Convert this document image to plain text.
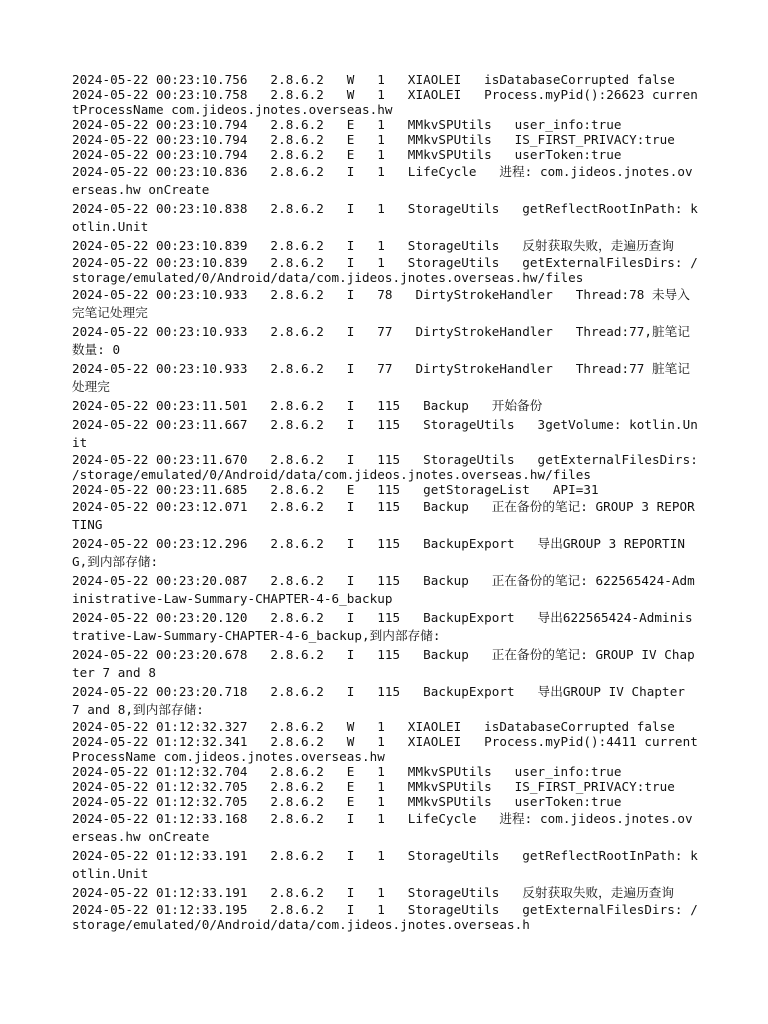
2024-05-22 00:23:10.756   2.8.6.2   W   1   XIAOLEI   isDatabaseCorrupted false

2024-05-22 00:23:10.758   2.8.6.2   W   1   XIAOLEI   Process.myPid():26623 currentProcessName com.jideos.jnotes.overseas.hw

2024-05-22 00:23:10.794   2.8.6.2   E   1   MMkvSPUtils   user_info:true

2024-05-22 00:23:10.794   2.8.6.2   E   1   MMkvSPUtils   IS_FIRST_PRIVACY:true

2024-05-22 00:23:10.794   2.8.6.2   E   1   MMkvSPUtils   userToken:true

2024-05-22 00:23:10.836   2.8.6.2   I   1   LifeCycle   进程: com.jideos.jnotes.overseas.hw onCreate

2024-05-22 00:23:10.838   2.8.6.2   I   1   StorageUtils   getReflectRootInPath: kotlin.Unit

2024-05-22 00:23:10.839   2.8.6.2   I   1   StorageUtils   反射获取失败，走遍历查询

2024-05-22 00:23:10.839   2.8.6.2   I   1   StorageUtils   getExternalFilesDirs: /storage/emulated/0/Android/data/com.jideos.jnotes.overseas.hw/files

2024-05-22 00:23:10.933   2.8.6.2   I   78   DirtyStrokeHandler   Thread:78 未导入完笔记处理完

2024-05-22 00:23:10.933   2.8.6.2   I   77   DirtyStrokeHandler   Thread:77,脏笔记数量: 0

2024-05-22 00:23:10.933   2.8.6.2   I   77   DirtyStrokeHandler   Thread:77 脏笔记处理完

2024-05-22 00:23:11.501   2.8.6.2   I   115   Backup   开始备份

2024-05-22 00:23:11.667   2.8.6.2   I   115   StorageUtils   3getVolume: kotlin.Unit

2024-05-22 00:23:11.670   2.8.6.2   I   115   StorageUtils   getExternalFilesDirs: /storage/emulated/0/Android/data/com.jideos.jnotes.overseas.hw/files

2024-05-22 00:23:11.685   2.8.6.2   E   115   getStorageList   API=31

2024-05-22 00:23:12.071   2.8.6.2   I   115   Backup   正在备份的笔记: GROUP 3 REPORTING

2024-05-22 00:23:12.296   2.8.6.2   I   115   BackupExport   导出GROUP 3 REPORTING,到内部存储:

2024-05-22 00:23:20.087   2.8.6.2   I   115   Backup   正在备份的笔记: 622565424-Administrative-Law-Summary-CHAPTER-4-6_backup

2024-05-22 00:23:20.120   2.8.6.2   I   115   BackupExport   导出622565424-Administrative-Law-Summary-CHAPTER-4-6_backup,到内部存储:

2024-05-22 00:23:20.678   2.8.6.2   I   115   Backup   正在备份的笔记: GROUP IV Chapter 7 and 8

2024-05-22 00:23:20.718   2.8.6.2   I   115   BackupExport   导出GROUP IV Chapter 7 and 8,到内部存储:

2024-05-22 01:12:32.327   2.8.6.2   W   1   XIAOLEI   isDatabaseCorrupted false

2024-05-22 01:12:32.341   2.8.6.2   W   1   XIAOLEI   Process.myPid():4411 currentProcessName com.jideos.jnotes.overseas.hw

2024-05-22 01:12:32.704   2.8.6.2   E   1   MMkvSPUtils   user_info:true

2024-05-22 01:12:32.705   2.8.6.2   E   1   MMkvSPUtils   IS_FIRST_PRIVACY:true

2024-05-22 01:12:32.705   2.8.6.2   E   1   MMkvSPUtils   userToken:true

2024-05-22 01:12:33.168   2.8.6.2   I   1   LifeCycle   进程: com.jideos.jnotes.overseas.hw onCreate

2024-05-22 01:12:33.191   2.8.6.2   I   1   StorageUtils   getReflectRootInPath: kotlin.Unit

2024-05-22 01:12:33.191   2.8.6.2   I   1   StorageUtils   反射获取失败，走遍历查询

2024-05-22 01:12:33.195   2.8.6.2   I   1   StorageUtils   getExternalFilesDirs: /storage/emulated/0/Android/data/com.jideos.jnotes.overseas.h
